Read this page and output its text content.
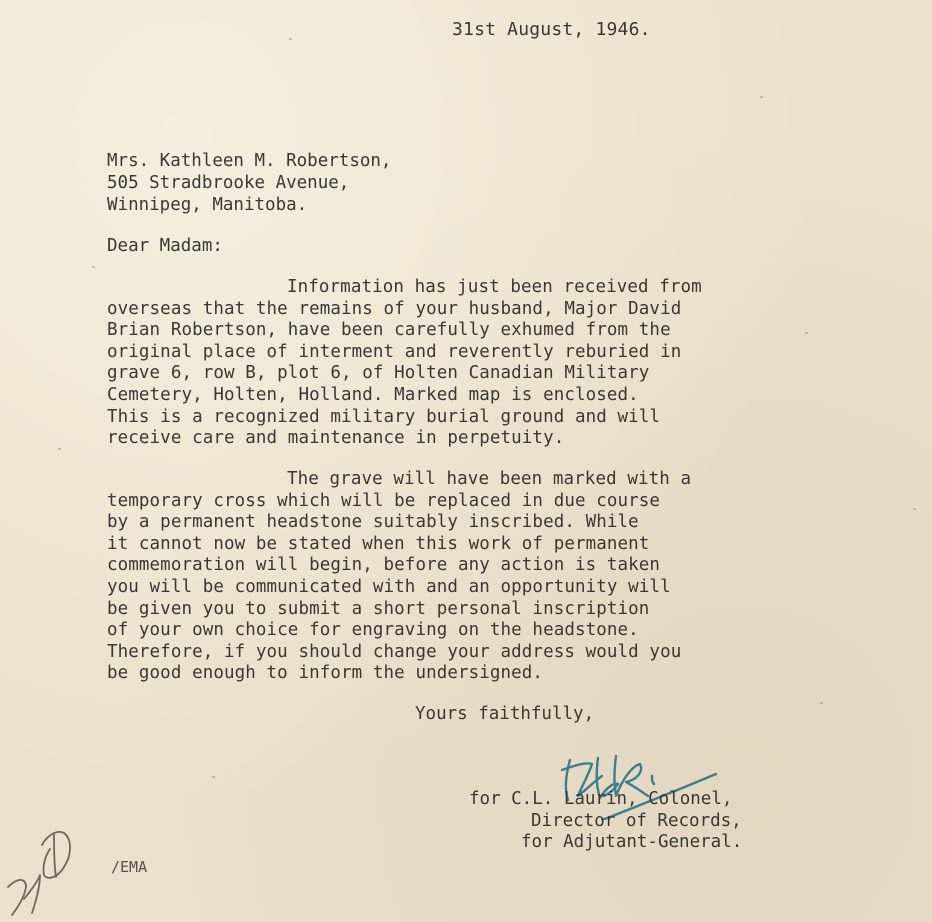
31st August, 1946.
Mrs. Kathleen M. Robertson,
505 Stradbrooke Avenue,
Winnipeg, Manitoba.
Dear Madam:
Information has just been received from
overseas that the remains of your husband, Major David
Brian Robertson, have been carefully exhumed from the
original place of interment and reverently reburied in
grave 6, row B, plot 6, of Holten Canadian Military
Cemetery, Holten, Holland. Marked map is enclosed.
This is a recognized military burial ground and will
receive care and maintenance in perpetuity.
The grave will have been marked with a
temporary cross which will be replaced in due course
by a permanent headstone suitably inscribed. While
it cannot now be stated when this work of permanent
commemoration will begin, before any action is taken
you will be communicated with and an opportunity will
be given you to submit a short personal inscription
of your own choice for engraving on the headstone.
Therefore, if you should change your address would you
be good enough to inform the undersigned.
Yours faithfully,
for C.L. Laurin, Colonel,
Director of Records,
for Adjutant-General.
/EMA
